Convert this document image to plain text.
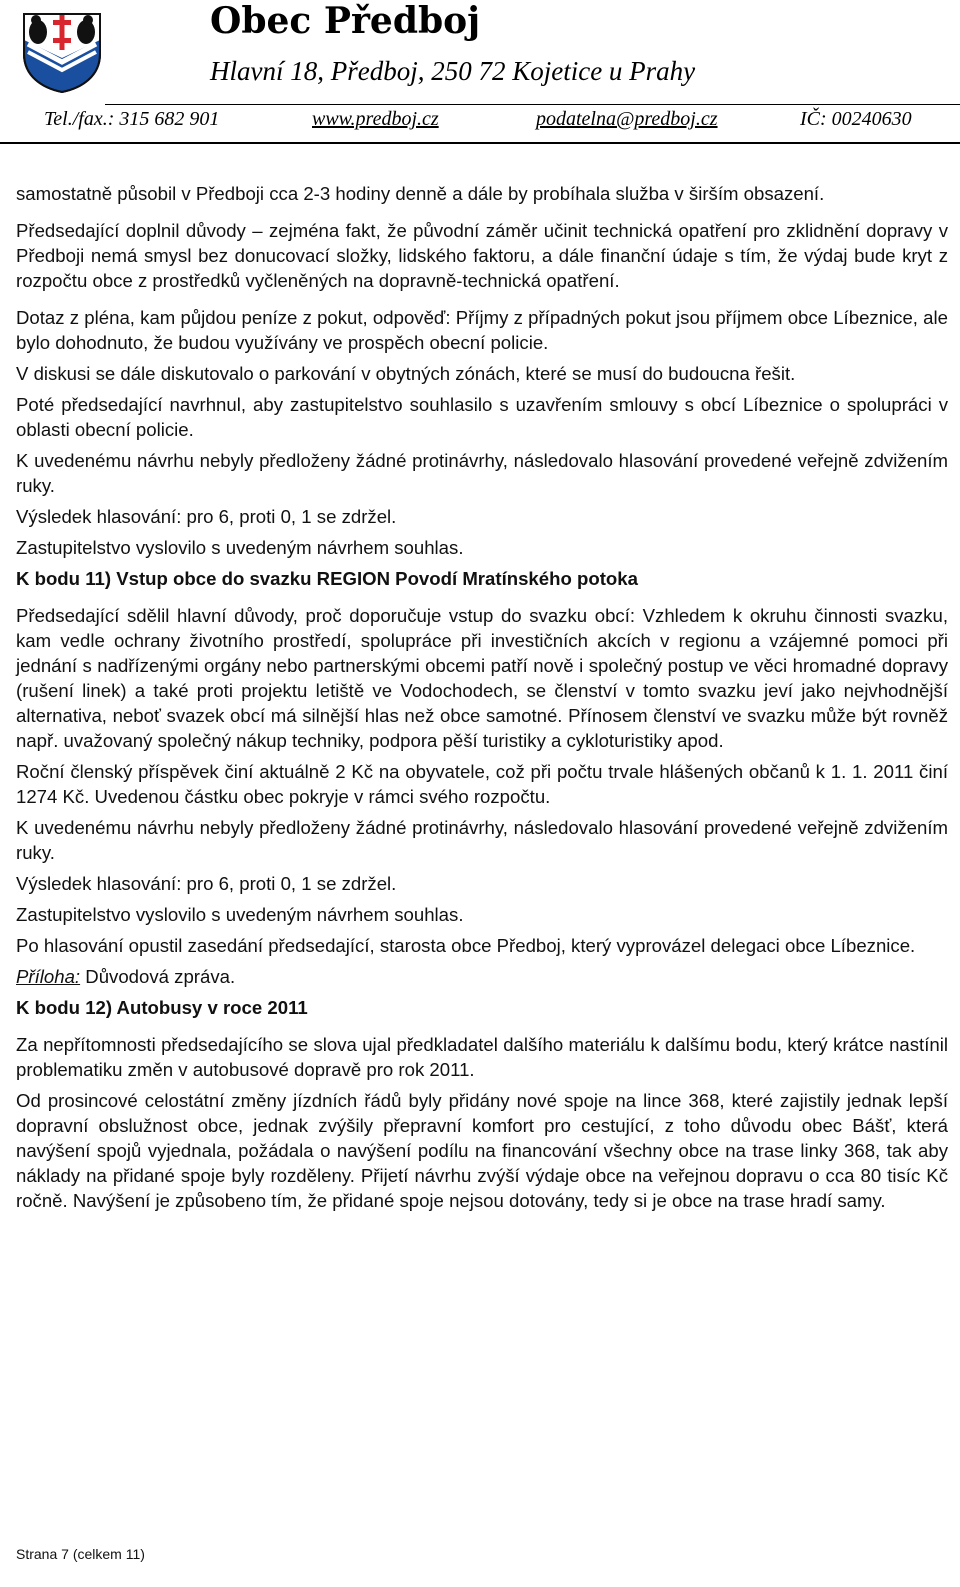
Obec Předboj
Hlavní 18, Předboj, 250 72 Kojetice u Prahy
Tel./fax.: 315 682 901	www.predboj.cz	podatelna@predboj.cz	IČ: 00240630

samostatně působil v Předboji cca 2-3 hodiny denně a dále by probíhala služba v širším obsazení.

Předsedající doplnil důvody – zejména fakt, že původní záměr učinit technická opatření pro zklidnění dopravy v Předboji nemá smysl bez donucovací složky, lidského faktoru, a dále finanční údaje s tím, že výdaj bude kryt z rozpočtu obce z prostředků vyčleněných na dopravně-technická opatření.

Dotaz z pléna, kam půjdou peníze z pokut, odpověď: Příjmy z případných pokut jsou příjmem obce Líbeznice, ale bylo dohodnuto, že budou využívány ve prospěch obecní policie.

V diskusi se dále diskutovalo o parkování v obytných zónách, které se musí do budoucna řešit.

Poté předsedající navrhnul, aby zastupitelstvo souhlasilo s uzavřením smlouvy s obcí Líbeznice o spolupráci v oblasti obecní policie.

K uvedenému návrhu nebyly předloženy žádné protinávrhy, následovalo hlasování provedené veřejně zdvižením ruky.

Výsledek hlasování: pro 6, proti 0, 1 se zdržel.

Zastupitelstvo vyslovilo s uvedeným návrhem souhlas.

K bodu 11) Vstup obce do svazku REGION Povodí Mratínského potoka

Předsedající sdělil hlavní důvody, proč doporučuje vstup do svazku obcí: Vzhledem k okruhu činnosti svazku, kam vedle ochrany životního prostředí, spolupráce při investičních akcích v regionu a vzájemné pomoci při jednání s nadřízenými orgány nebo partnerskými obcemi patří nově i společný postup ve věci hromadné dopravy (rušení linek) a také proti projektu letiště ve Vodochodech, se členství v tomto svazku jeví jako nejvhodnější alternativa, neboť svazek obcí má silnější hlas než obce samotné. Přínosem členství ve svazku může být rovněž např. uvažovaný společný nákup techniky, podpora pěší turistiky a cykloturistiky apod.

Roční členský příspěvek činí aktuálně 2 Kč na obyvatele, což při počtu trvale hlášených občanů k 1. 1. 2011 činí 1274 Kč. Uvedenou částku obec pokryje v rámci svého rozpočtu.

K uvedenému návrhu nebyly předloženy žádné protinávrhy, následovalo hlasování provedené veřejně zdvižením ruky.

Výsledek hlasování: pro 6, proti 0, 1 se zdržel.

Zastupitelstvo vyslovilo s uvedeným návrhem souhlas.

Po hlasování opustil zasedání předsedající, starosta obce Předboj, který vyprovázel delegaci obce Líbeznice.

Příloha: Důvodová zpráva.

K bodu 12) Autobusy v roce 2011

Za nepřítomnosti předsedajícího se slova ujal předkladatel dalšího materiálu k dalšímu bodu, který krátce nastínil problematiku změn v autobusové dopravě pro rok 2011.

Od prosincové celostátní změny jízdních řádů byly přidány nové spoje na lince 368, které zajistily jednak lepší dopravní obslužnost obce, jednak zvýšily přepravní komfort pro cestující, z toho důvodu obec Bášť, která navýšení spojů vyjednala, požádala o navýšení podílu na financování všechny obce na trase linky 368, tak aby náklady na přidané spoje byly rozděleny. Přijetí návrhu zvýší výdaje obce na veřejnou dopravu o cca 80 tisíc Kč ročně. Navýšení je způsobeno tím, že přidané spoje nejsou dotovány, tedy si je obce na trase hradí samy.

Strana 7 (celkem 11)
